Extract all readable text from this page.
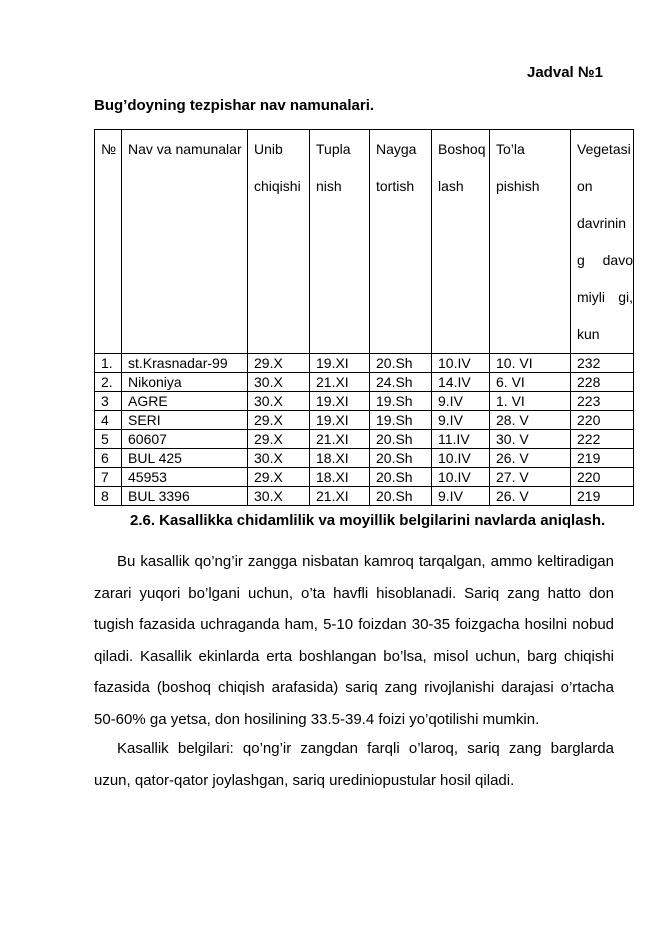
Jadval №1
Bug’doyning tezpishar nav namunalari.
№	Nav va namunalar	Unib chiqishi	Tupla nish	Nayga tortish	Boshoq lash	To’la pishish	Vegetasi on davrinin g davo miyli gi, kun
1.	st.Krasnadar-99	29.X	19.XI	20.Sh	10.IV	10. VI	232
2.	Nikoniya	30.X	21.XI	24.Sh	14.IV	6. VI	228
3	AGRE	30.X	19.XI	19.Sh	9.IV	1. VI	223
4	SERI	29.X	19.XI	19.Sh	9.IV	28. V	220
5	60607	29.X	21.XI	20.Sh	11.IV	30. V	222
6	BUL 425	30.X	18.XI	20.Sh	10.IV	26. V	219
7	45953	29.X	18.XI	20.Sh	10.IV	27. V	220
8	BUL 3396	30.X	21.XI	20.Sh	9.IV	26. V	219
2.6. Kasallikka chidamlilik va moyillik belgilarini navlarda aniqlash.
Bu kasallik qo’ng’ir zangga nisbatan kamroq tarqalgan, ammo keltiradigan zarari yuqori bo’lgani uchun, o’ta havfli hisoblanadi. Sariq zang hatto don tugish fazasida uchraganda ham, 5-10 foizdan 30-35 foizgacha hosilni nobud qiladi. Kasallik ekinlarda erta boshlangan bo’lsa, misol uchun, barg chiqishi fazasida (boshoq chiqish arafasida) sariq zang rivojlanishi darajasi o’rtacha 50-60% ga yetsa, don hosilining 33.5-39.4 foizi yo’qotilishi mumkin.
Kasallik belgilari: qo’ng’ir zangdan farqli o’laroq, sariq zang barglarda uzun, qator-qator joylashgan, sariq urediniopustular hosil qiladi.
